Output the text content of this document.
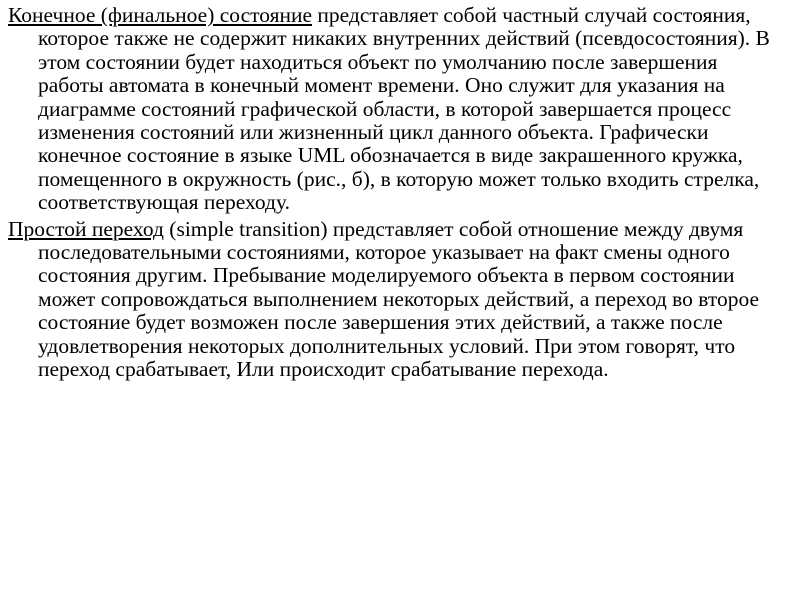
Конечное (финальное) состояние представляет собой частный случай состояния, которое также не содержит никаких внутренних действий (псевдосостояния). В этом состоянии будет находиться объект по умолчанию после завершения работы автомата в конечный момент времени. Оно служит для указания на диаграмме состояний графической области, в которой завершается процесс изменения состояний или жизненный цикл данного объекта. Графически конечное состояние в языке UML обозначается в виде закрашенного кружка, помещенного в окружность (рис., б), в которую может только входить стрелка, соответствующая переходу.

Простой переход (simple transition) представляет собой отношение между двумя последовательными состояниями, которое указывает на факт смены одного состояния другим. Пребывание моделируемого объекта в первом состоянии может сопровождаться выполнением некоторых действий, а переход во второе состояние будет возможен после завершения этих действий, а также после удовлетворения некоторых дополнительных условий. При этом говорят, что переход срабатывает, Или происходит срабатывание перехода.
